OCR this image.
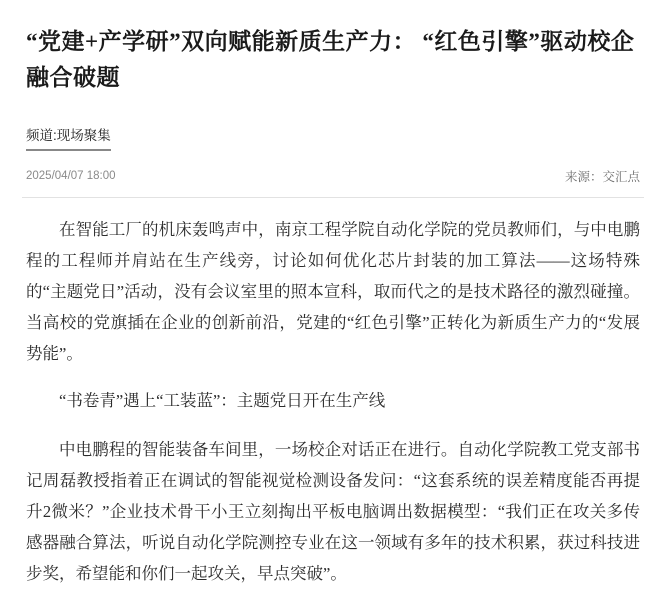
“党建+产学研”双向赋能新质生产力： “红色引擎”驱动校企融合破题
频道:现场聚集
2025/04/07 18:00	来源：交汇点

在智能工厂的机床轰鸣声中，南京工程学院自动化学院的党员教师们，与中电鹏程的工程师并肩站在生产线旁，讨论如何优化芯片封装的加工算法——这场特殊的“主题党日”活动，没有会议室里的照本宣科，取而代之的是技术路径的激烈碰撞。当高校的党旗插在企业的创新前沿，党建的“红色引擎”正转化为新质生产力的“发展势能”。

“书卷青”遇上“工装蓝”：主题党日开在生产线

中电鹏程的智能装备车间里，一场校企对话正在进行。自动化学院教工党支部书记周磊教授指着正在调试的智能视觉检测设备发问：“这套系统的误差精度能否再提升2微米？”企业技术骨干小王立刻掏出平板电脑调出数据模型：“我们正在攻关多传感器融合算法，听说自动化学院测控专业在这一领域有多年的技术积累，获过科技进步奖，希望能和你们一起攻关，早点突破”。
